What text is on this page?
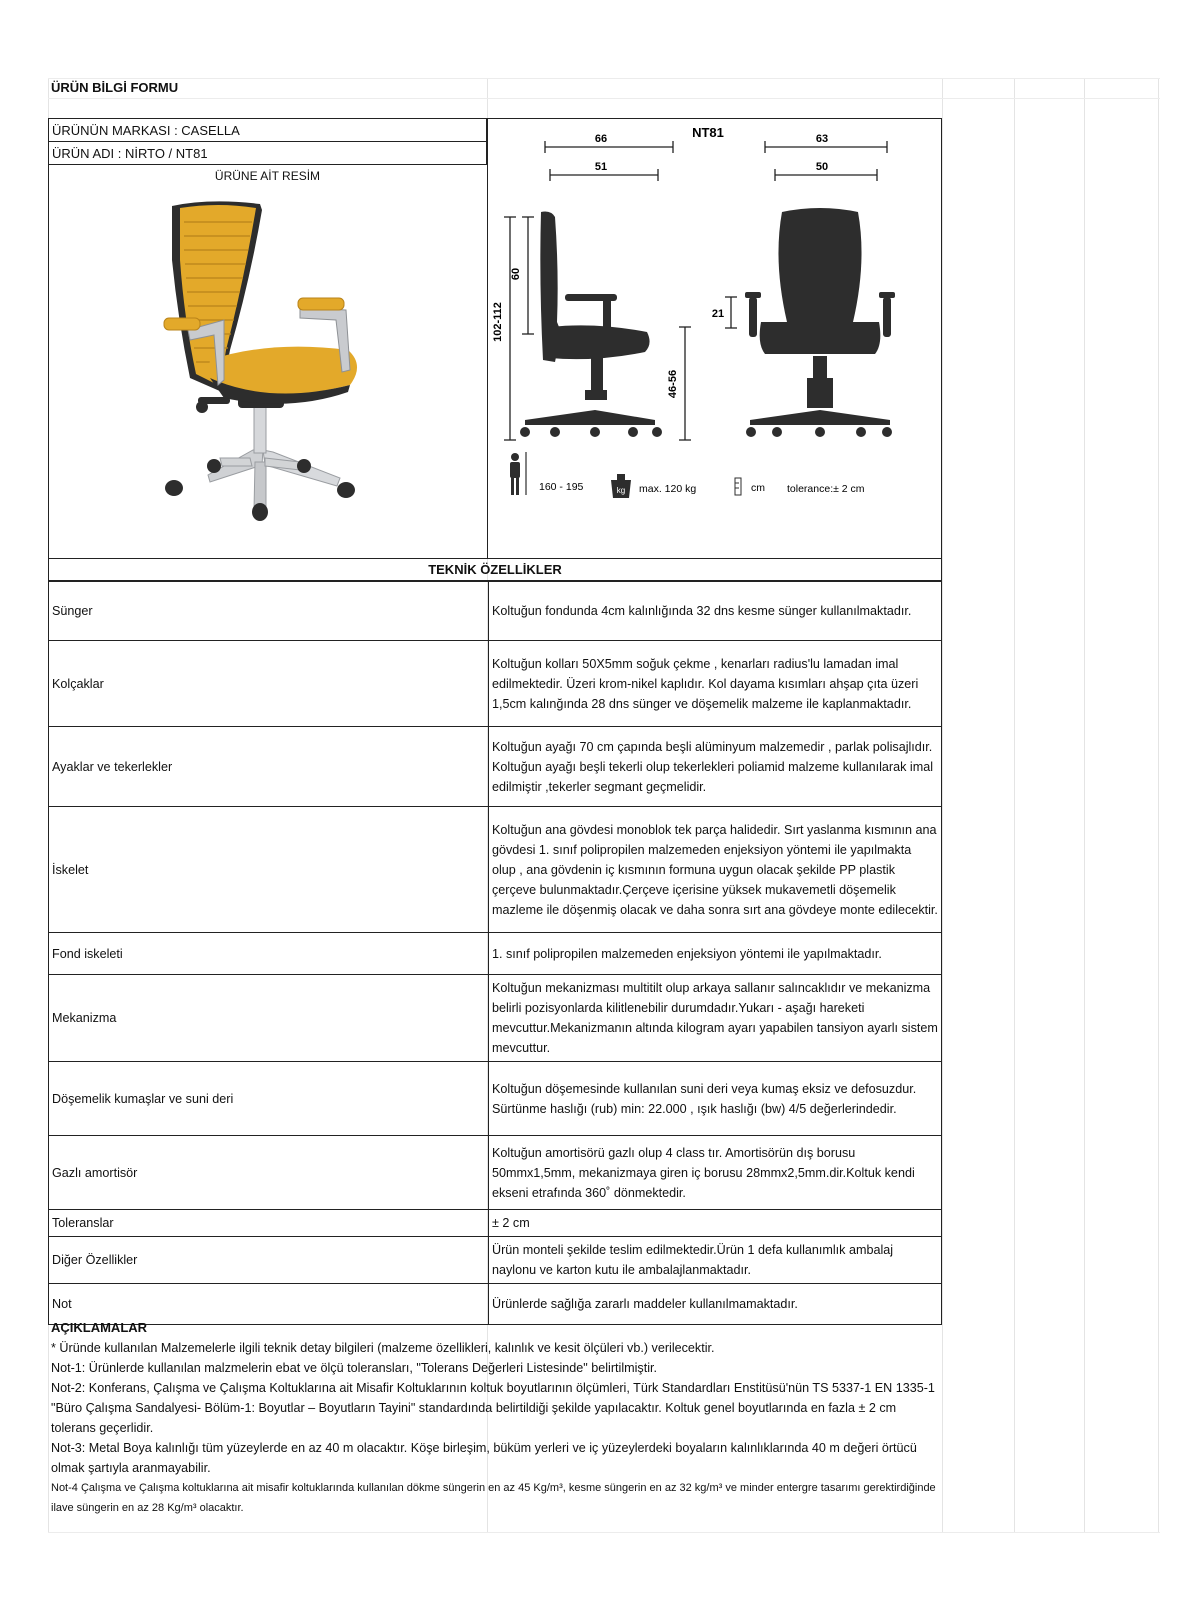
ÜRÜN BİLGİ FORMU
ÜRÜNÜN MARKASI : CASELLA
ÜRÜN ADI : NİRTO / NT81
ÜRÜNE AİT RESİM
NT81
66
51
63
50
21
60
102-112
46-56
160 - 195	kg max. 120 kg	cm tolerance:± 2 cm
TEKNİK ÖZELLİKLER
Sünger	Koltuğun fondunda 4cm kalınlığında 32 dns kesme sünger kullanılmaktadır.
Kolçaklar	Koltuğun kolları 50X5mm soğuk çekme , kenarları radius'lu lamadan imal edilmektedir. Üzeri krom-nikel kaplıdır. Kol dayama kısımları ahşap çıta üzeri 1,5cm kalınğında 28 dns sünger ve döşemelik malzeme ile kaplanmaktadır.
Ayaklar ve tekerlekler	Koltuğun ayağı 70 cm çapında beşli alüminyum malzemedir , parlak polisajlıdır. Koltuğun ayağı beşli tekerli olup tekerlekleri poliamid malzeme kullanılarak imal edilmiştir ,tekerler segmant geçmelidir.
İskelet	Koltuğun ana gövdesi monoblok tek parça halidedir. Sırt yaslanma kısmının ana gövdesi 1. sınıf polipropilen malzemeden enjeksiyon yöntemi ile yapılmakta olup , ana gövdenin iç kısmının formuna uygun olacak şekilde PP plastik çerçeve bulunmaktadır.Çerçeve içerisine yüksek mukavemetli döşemelik mazleme ile döşenmiş olacak ve daha sonra sırt ana gövdeye monte edilecektir.
Fond iskeleti	1. sınıf polipropilen malzemeden enjeksiyon yöntemi ile yapılmaktadır.
Mekanizma	Koltuğun mekanizması multitilt olup arkaya sallanır salıncaklıdır ve mekanizma belirli pozisyonlarda kilitlenebilir durumdadır.Yukarı - aşağı hareketi mevcuttur.Mekanizmanın altında kilogram ayarı yapabilen tansiyon ayarlı sistem mevcuttur.
Döşemelik kumaşlar ve suni deri	Koltuğun döşemesinde kullanılan suni deri veya kumaş eksiz ve defosuzdur. Sürtünme haslığı (rub) min: 22.000 , ışık haslığı (bw) 4/5 değerlerindedir.
Gazlı amortisör	Koltuğun amortisörü gazlı olup 4 class tır. Amortisörün dış borusu 50mmx1,5mm, mekanizmaya giren iç borusu 28mmx2,5mm.dir.Koltuk kendi ekseni etrafında 360˚ dönmektedir.
Toleranslar	± 2 cm
Diğer Özellikler	Ürün monteli şekilde teslim edilmektedir.Ürün 1 defa kullanımlık ambalaj naylonu ve karton kutu ile ambalajlanmaktadır.
Not	Ürünlerde sağlığa zararlı maddeler kullanılmamaktadır.

AÇIKLAMALAR

* Üründe kullanılan Malzemelerle ilgili teknik detay bilgileri (malzeme özellikleri, kalınlık ve kesit ölçüleri vb.) verilecektir.

Not-1: Ürünlerde kullanılan malzmelerin ebat ve ölçü toleransları, "Tolerans Değerleri Listesinde" belirtilmiştir.

Not-2: Konferans, Çalışma ve Çalışma Koltuklarına ait Misafir Koltuklarının koltuk boyutlarının ölçümleri, Türk Standardları Enstitüsü'nün TS 5337-1 EN 1335-1 "Büro Çalışma Sandalyesi- Bölüm-1: Boyutlar – Boyutların Tayini" standardında belirtildiği şekilde yapılacaktır. Koltuk genel boyutlarında en fazla ± 2 cm tolerans geçerlidir.

Not-3: Metal Boya kalınlığı tüm yüzeylerde en az 40 m olacaktır. Köşe birleşim, büküm yerleri ve iç yüzeylerdeki boyaların kalınlıklarında 40 m değeri örtücü olmak şartıyla aranmayabilir.

Not-4 Çalışma ve Çalışma koltuklarına ait misafir koltuklarında kullanılan dökme süngerin en az 45 Kg/m³, kesme süngerin en az 32 kg/m³ ve minder entergre tasarımı gerektirdiğinde ilave süngerin en az 28 Kg/m³ olacaktır.
